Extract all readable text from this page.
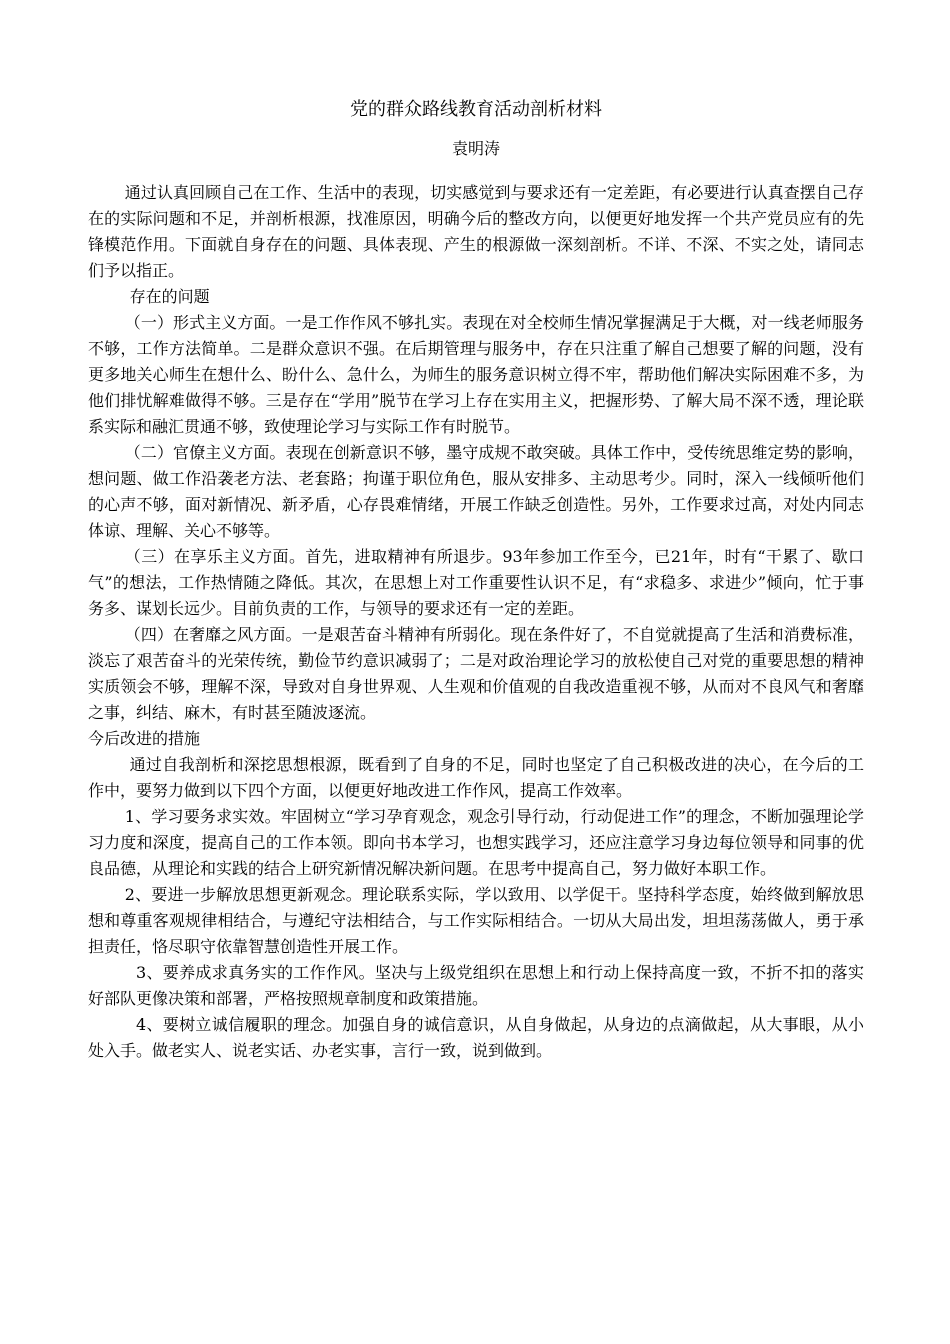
党的群众路线教育活动剖析材料

袁明涛

通过认真回顾自己在工作、生活中的表现，切实感觉到与要求还有一定差距，有必要进行认真查摆自己存在的实际问题和不足，并剖析根源，找准原因，明确今后的整改方向，以便更好地发挥一个共产党员应有的先锋模范作用。下面就自身存在的问题、具体表现、产生的根源做一深刻剖析。不详、不深、不实之处，请同志们予以指正。

存在的问题

（一）形式主义方面。一是工作作风不够扎实。表现在对全校师生情况掌握满足于大概，对一线老师服务不够，工作方法简单。二是群众意识不强。在后期管理与服务中，存在只注重了解自己想要了解的问题，没有更多地关心师生在想什么、盼什么、急什么，为师生的服务意识树立得不牢，帮助他们解决实际困难不多，为他们排忧解难做得不够。三是存在“学用”脱节在学习上存在实用主义，把握形势、了解大局不深不透，理论联系实际和融汇贯通不够，致使理论学习与实际工作有时脱节。

（二）官僚主义方面。表现在创新意识不够，墨守成规不敢突破。具体工作中，受传统思维定势的影响，想问题、做工作沿袭老方法、老套路；拘谨于职位角色，服从安排多、主动思考少。同时，深入一线倾听他们的心声不够，面对新情况、新矛盾，心存畏难情绪，开展工作缺乏创造性。另外，工作要求过高，对处内同志体谅、理解、关心不够等。

（三）在享乐主义方面。首先，进取精神有所退步。93年参加工作至今，已21年，时有“干累了、歇口气”的想法，工作热情随之降低。其次，在思想上对工作重要性认识不足，有“求稳多、求进少”倾向，忙于事务多、谋划长远少。目前负责的工作，与领导的要求还有一定的差距。

（四）在奢靡之风方面。一是艰苦奋斗精神有所弱化。现在条件好了，不自觉就提高了生活和消费标准，淡忘了艰苦奋斗的光荣传统，勤俭节约意识减弱了；二是对政治理论学习的放松使自己对党的重要思想的精神实质领会不够，理解不深，导致对自身世界观、人生观和价值观的自我改造重视不够，从而对不良风气和奢靡之事，纠结、麻木，有时甚至随波逐流。

今后改进的措施

通过自我剖析和深挖思想根源，既看到了自身的不足，同时也坚定了自己积极改进的决心，在今后的工作中，要努力做到以下四个方面，以便更好地改进工作作风，提高工作效率。

1、学习要务求实效。牢固树立“学习孕育观念，观念引导行动，行动促进工作”的理念，不断加强理论学习力度和深度，提高自己的工作本领。即向书本学习，也想实践学习，还应注意学习身边每位领导和同事的优良品德，从理论和实践的结合上研究新情况解决新问题。在思考中提高自己，努力做好本职工作。

2、要进一步解放思想更新观念。理论联系实际，学以致用、以学促干。坚持科学态度，始终做到解放思想和尊重客观规律相结合，与遵纪守法相结合，与工作实际相结合。一切从大局出发，坦坦荡荡做人，勇于承担责任，恪尽职守依靠智慧创造性开展工作。

3、要养成求真务实的工作作风。坚决与上级党组织在思想上和行动上保持高度一致，不折不扣的落实好部队更像决策和部署，严格按照规章制度和政策措施。

4、要树立诚信履职的理念。加强自身的诚信意识，从自身做起，从身边的点滴做起，从大事眼，从小处入手。做老实人、说老实话、办老实事，言行一致，说到做到。
